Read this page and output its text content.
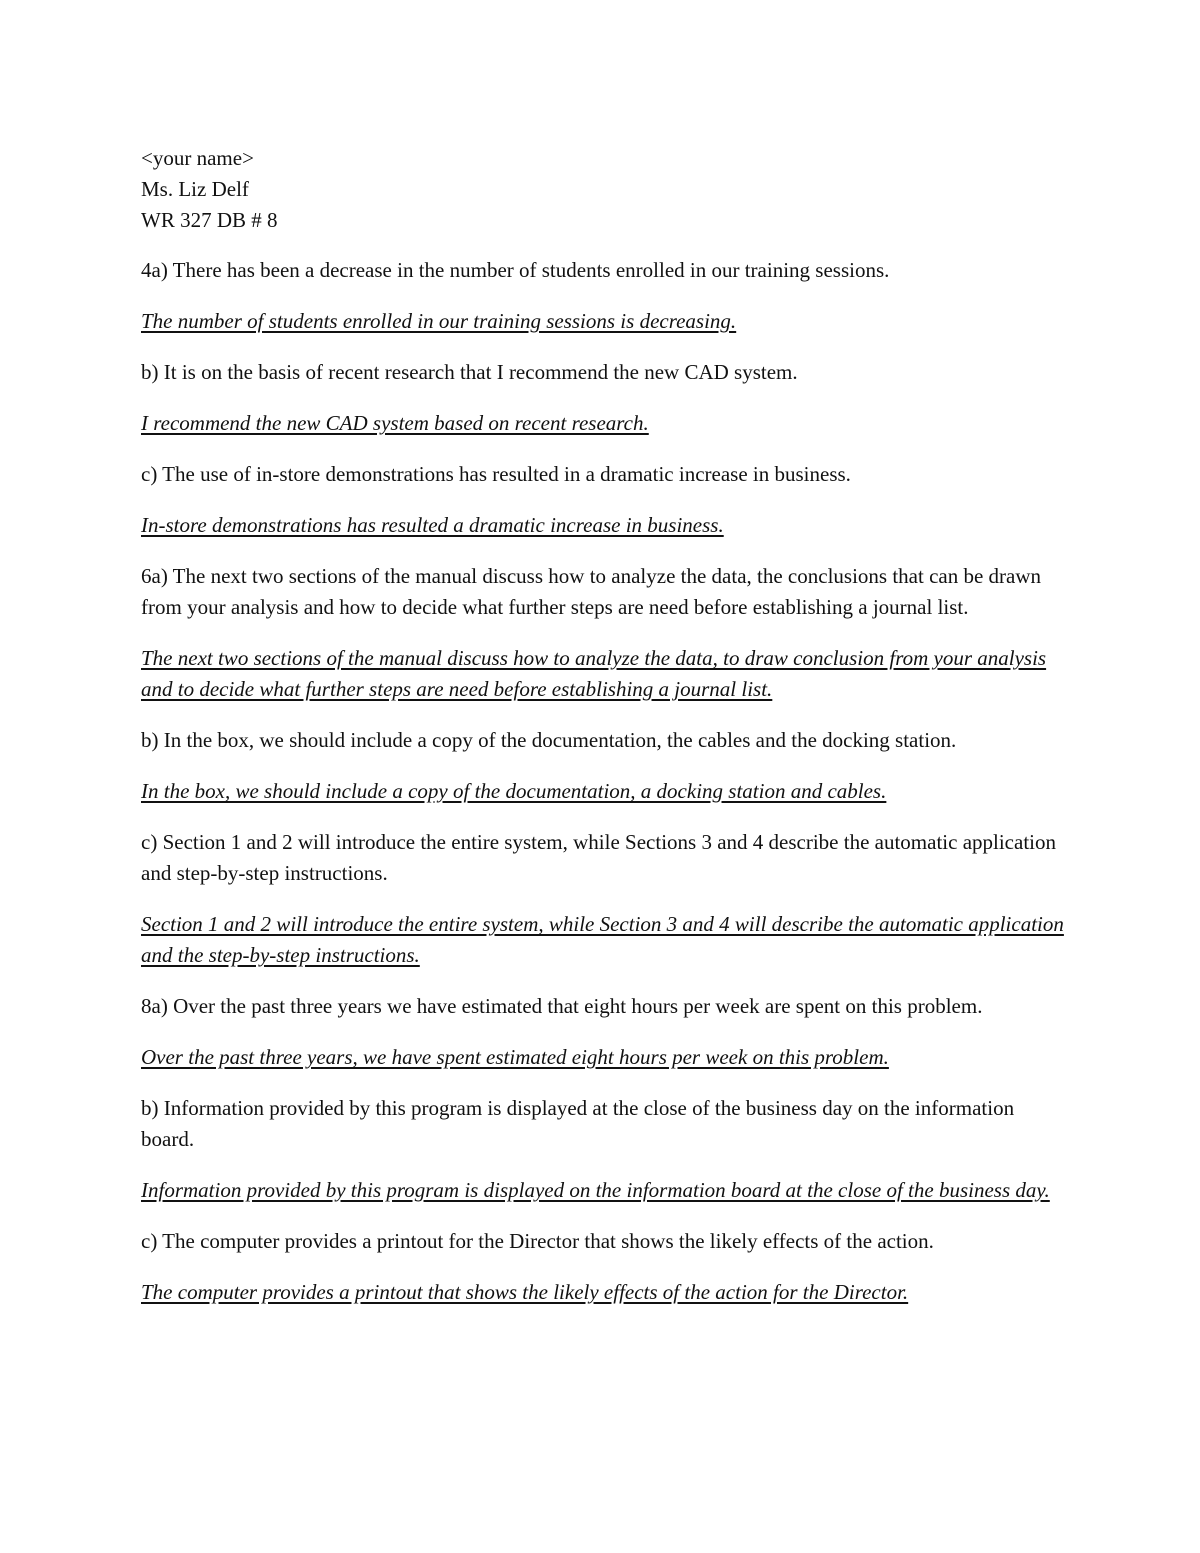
<your name>

Ms. Liz Delf

WR 327 DB # 8

4a) There has been a decrease in the number of students enrolled in our training sessions.

The number of students enrolled in our training sessions is decreasing.

b) It is on the basis of recent research that I recommend the new CAD system.

I recommend the new CAD system based on recent research.

c) The use of in-store demonstrations has resulted in a dramatic increase in business.

In-store demonstrations has resulted a dramatic increase in business.

6a) The next two sections of the manual discuss how to analyze the data, the conclusions that can be drawn from your analysis and how to decide what further steps are need before establishing a journal list.

The next two sections of the manual discuss how to analyze the data, to draw conclusion from your analysis and to decide what further steps are need before establishing a journal list.

b) In the box, we should include a copy of the documentation, the cables and the docking station.

In the box, we should include a copy of the documentation, a docking station and cables.

c) Section 1 and 2 will introduce the entire system, while Sections 3 and 4 describe the automatic application and step-by-step instructions.

Section 1 and 2 will introduce the entire system, while Section 3 and 4 will describe the automatic application and the step-by-step instructions.

8a) Over the past three years we have estimated that eight hours per week are spent on this problem.

Over the past three years, we have spent estimated eight hours per week on this problem.

b) Information provided by this program is displayed at the close of the business day on the information board.

Information provided by this program is displayed on the information board at the close of the business day.

c) The computer provides a printout for the Director that shows the likely effects of the action.

The computer provides a printout that shows the likely effects of the action for the Director.
